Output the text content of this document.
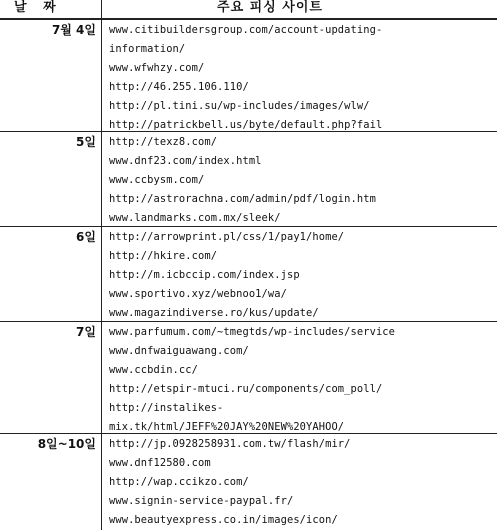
날 짜	주요 피싱 사이트
7월 4일 www.citibuildersgroup.com/account-updating-
information/
www.wfwhzy.com/
http://46.255.106.110/
http://pl.tini.su/wp-includes/images/wlw/
http://patrickbell.us/byte/default.php?fail
5일 http://texz8.com/
www.dnf23.com/index.html
www.ccbysm.com/
http://astrorachna.com/admin/pdf/login.htm
www.landmarks.com.mx/sleek/
6일 http://arrowprint.pl/css/1/pay1/home/
http://hkire.com/
http://m.icbccip.com/index.jsp
www.sportivo.xyz/webnoo1/wa/
www.magazindiverse.ro/kus/update/
7일 www.parfumum.com/~tmegtds/wp-includes/service
www.dnfwaiguawang.com/
www.ccbdin.cc/
http://etspir-mtuci.ru/components/com_poll/
http://instalikes-
mix.tk/html/JEFF%20JAY%20NEW%20YAHOO/
8일~10일 http://jp.0928258931.com.tw/flash/mir/
www.dnf12580.com
http://wap.ccikzo.com/
www.signin-service-paypal.fr/
www.beautyexpress.co.in/images/icon/
